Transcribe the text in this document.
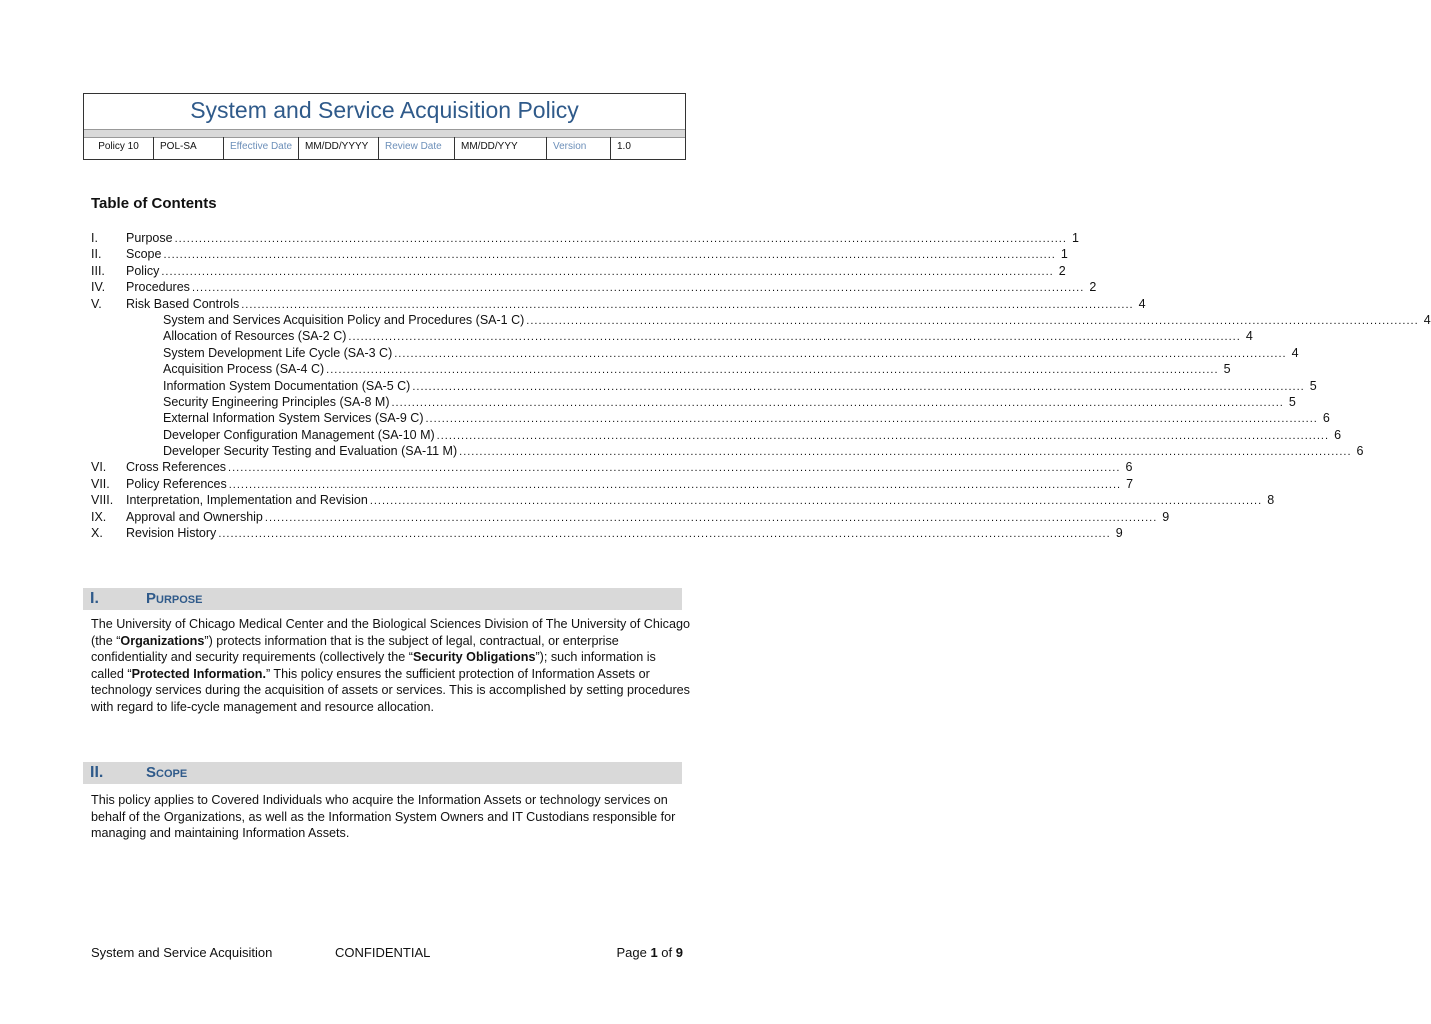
System and Service Acquisition Policy
Policy 10	POL-SA	Effective Date	MM/DD/YYYY	Review Date	MM/DD/YYY	Version	1.0
Table of Contents
I.	Purpose ............................................................................................................................................................................................................................ 1
II.	Scope ............................................................................................................................................................................................................................ 1
III.	Policy ............................................................................................................................................................................................................................ 2
IV.	Procedures ............................................................................................................................................................................................................................ 2
V.	Risk Based Controls ............................................................................................................................................................................................................................ 4
System and Services Acquisition Policy and Procedures (SA-1 C) ............................................................................................................................................................................................................................ 4
Allocation of Resources (SA-2 C) ............................................................................................................................................................................................................................ 4
System Development Life Cycle (SA-3 C) ............................................................................................................................................................................................................................ 4
Acquisition Process (SA-4 C) ............................................................................................................................................................................................................................ 5
Information System Documentation (SA-5 C) ............................................................................................................................................................................................................................ 5
Security Engineering Principles (SA-8 M) ............................................................................................................................................................................................................................ 5
External Information System Services (SA-9 C) ............................................................................................................................................................................................................................ 6
Developer Configuration Management (SA-10 M) ............................................................................................................................................................................................................................ 6
Developer Security Testing and Evaluation (SA-11 M) ............................................................................................................................................................................................................................ 6
VI.	Cross References ............................................................................................................................................................................................................................ 6
VII.	Policy References ............................................................................................................................................................................................................................ 7
VIII.	Interpretation, Implementation and Revision ............................................................................................................................................................................................................................ 8
IX.	Approval and Ownership ............................................................................................................................................................................................................................ 9
X.	Revision History ............................................................................................................................................................................................................................ 9
I.	Purpose

The University of Chicago Medical Center and the Biological Sciences Division of The University of Chicago (the “Organizations”) protects information that is the subject of legal, contractual, or enterprise confidentiality and security requirements (collectively the “Security Obligations”); such information is called “Protected Information.” This policy ensures the sufficient protection of Information Assets or technology services during the acquisition of assets or services. This is accomplished by setting procedures with regard to life-cycle management and resource allocation.

II.	Scope

This policy applies to Covered Individuals who acquire the Information Assets or technology services on behalf of the Organizations, as well as the Information System Owners and IT Custodians responsible for managing and maintaining Information Assets.

System and Service Acquisition	CONFIDENTIAL	Page 1 of 9
